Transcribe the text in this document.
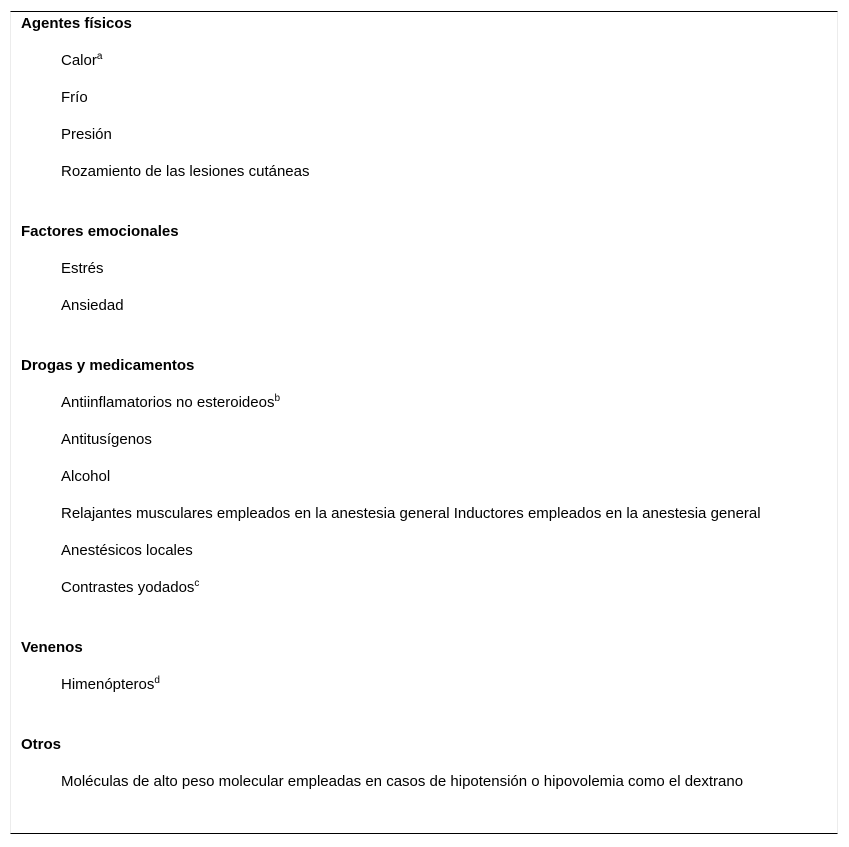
Agentes físicos
Calor$^a$
Frío
Presión
Rozamiento de las lesiones cutáneas
Factores emocionales
Estrés
Ansiedad
Drogas y medicamentos
Antiinflamatorios no esteroideos$^b$
Antitusígenos
Alcohol
Relajantes musculares empleados en la anestesia general Inductores empleados en la anestesia general
Anestésicos locales
Contrastes yodados$^c$
Venenos
Himenópteros$^d$
Otros
Moléculas de alto peso molecular empleadas en casos de hipotensión o hipovolemia como el dextrano
